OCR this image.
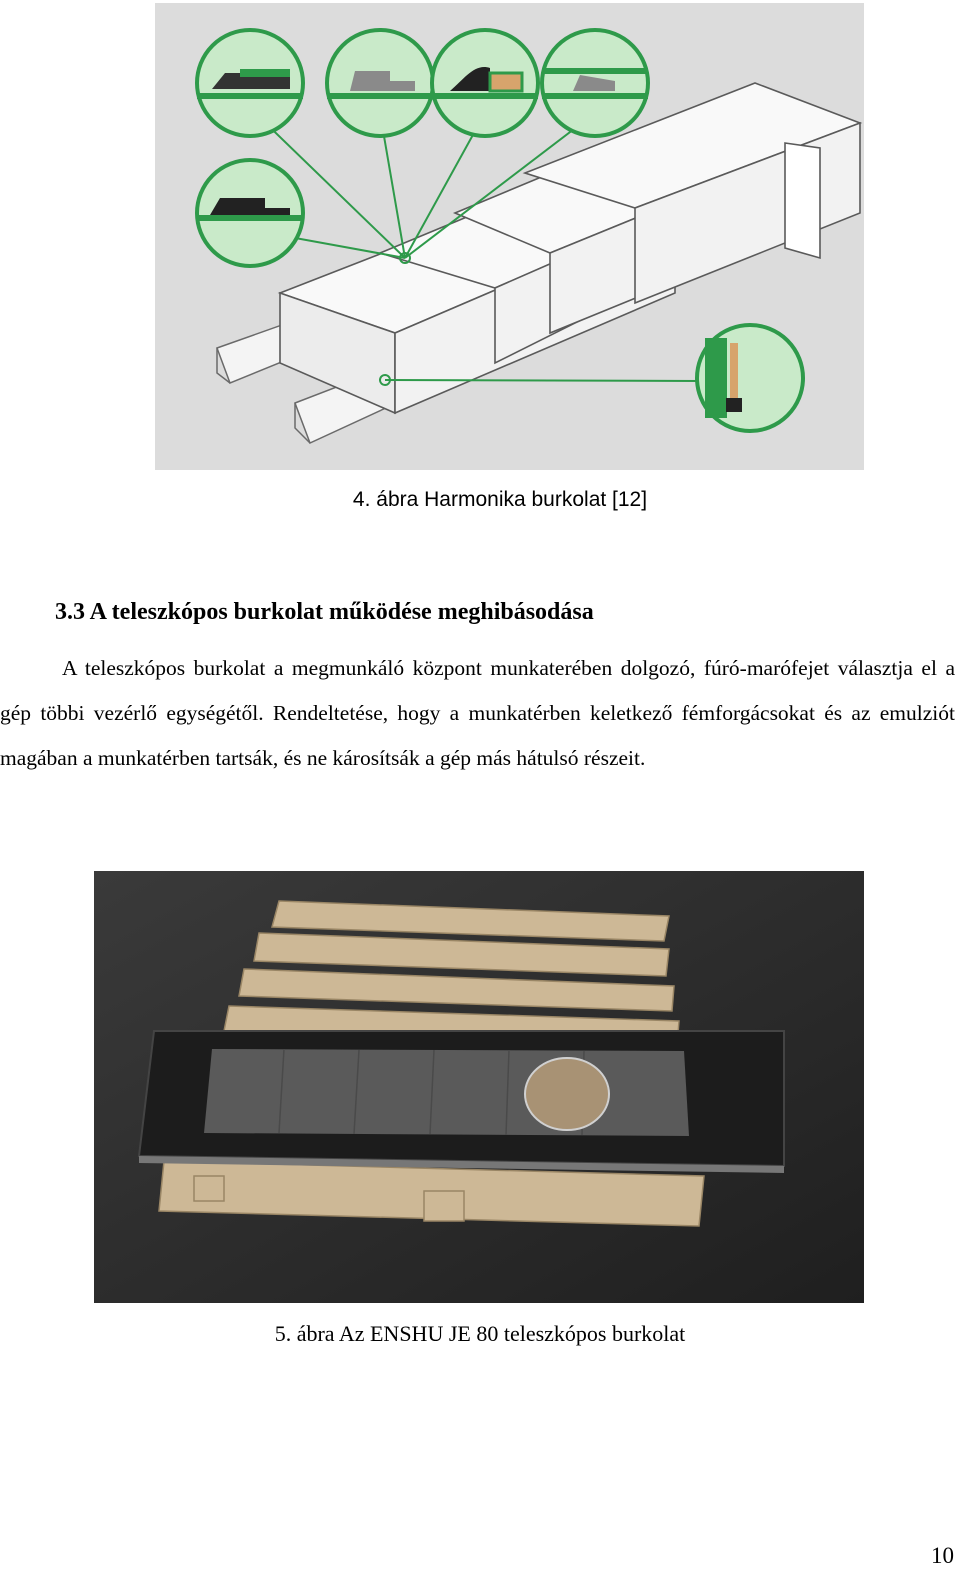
4. ábra Harmonika burkolat [12]
3.3 A teleszkópos burkolat működése meghibásodása
A teleszkópos burkolat a megmunkáló központ munkaterében dolgozó, fúró-marófejet választja el a gép többi vezérlő egységétől. Rendeltetése, hogy a munkatérben keletkező fémforgácsokat és az emulziót magában a munkatérben tartsák, és ne károsítsák a gép más hátulsó részeit.
5. ábra Az ENSHU JE 80 teleszkópos burkolat
10
